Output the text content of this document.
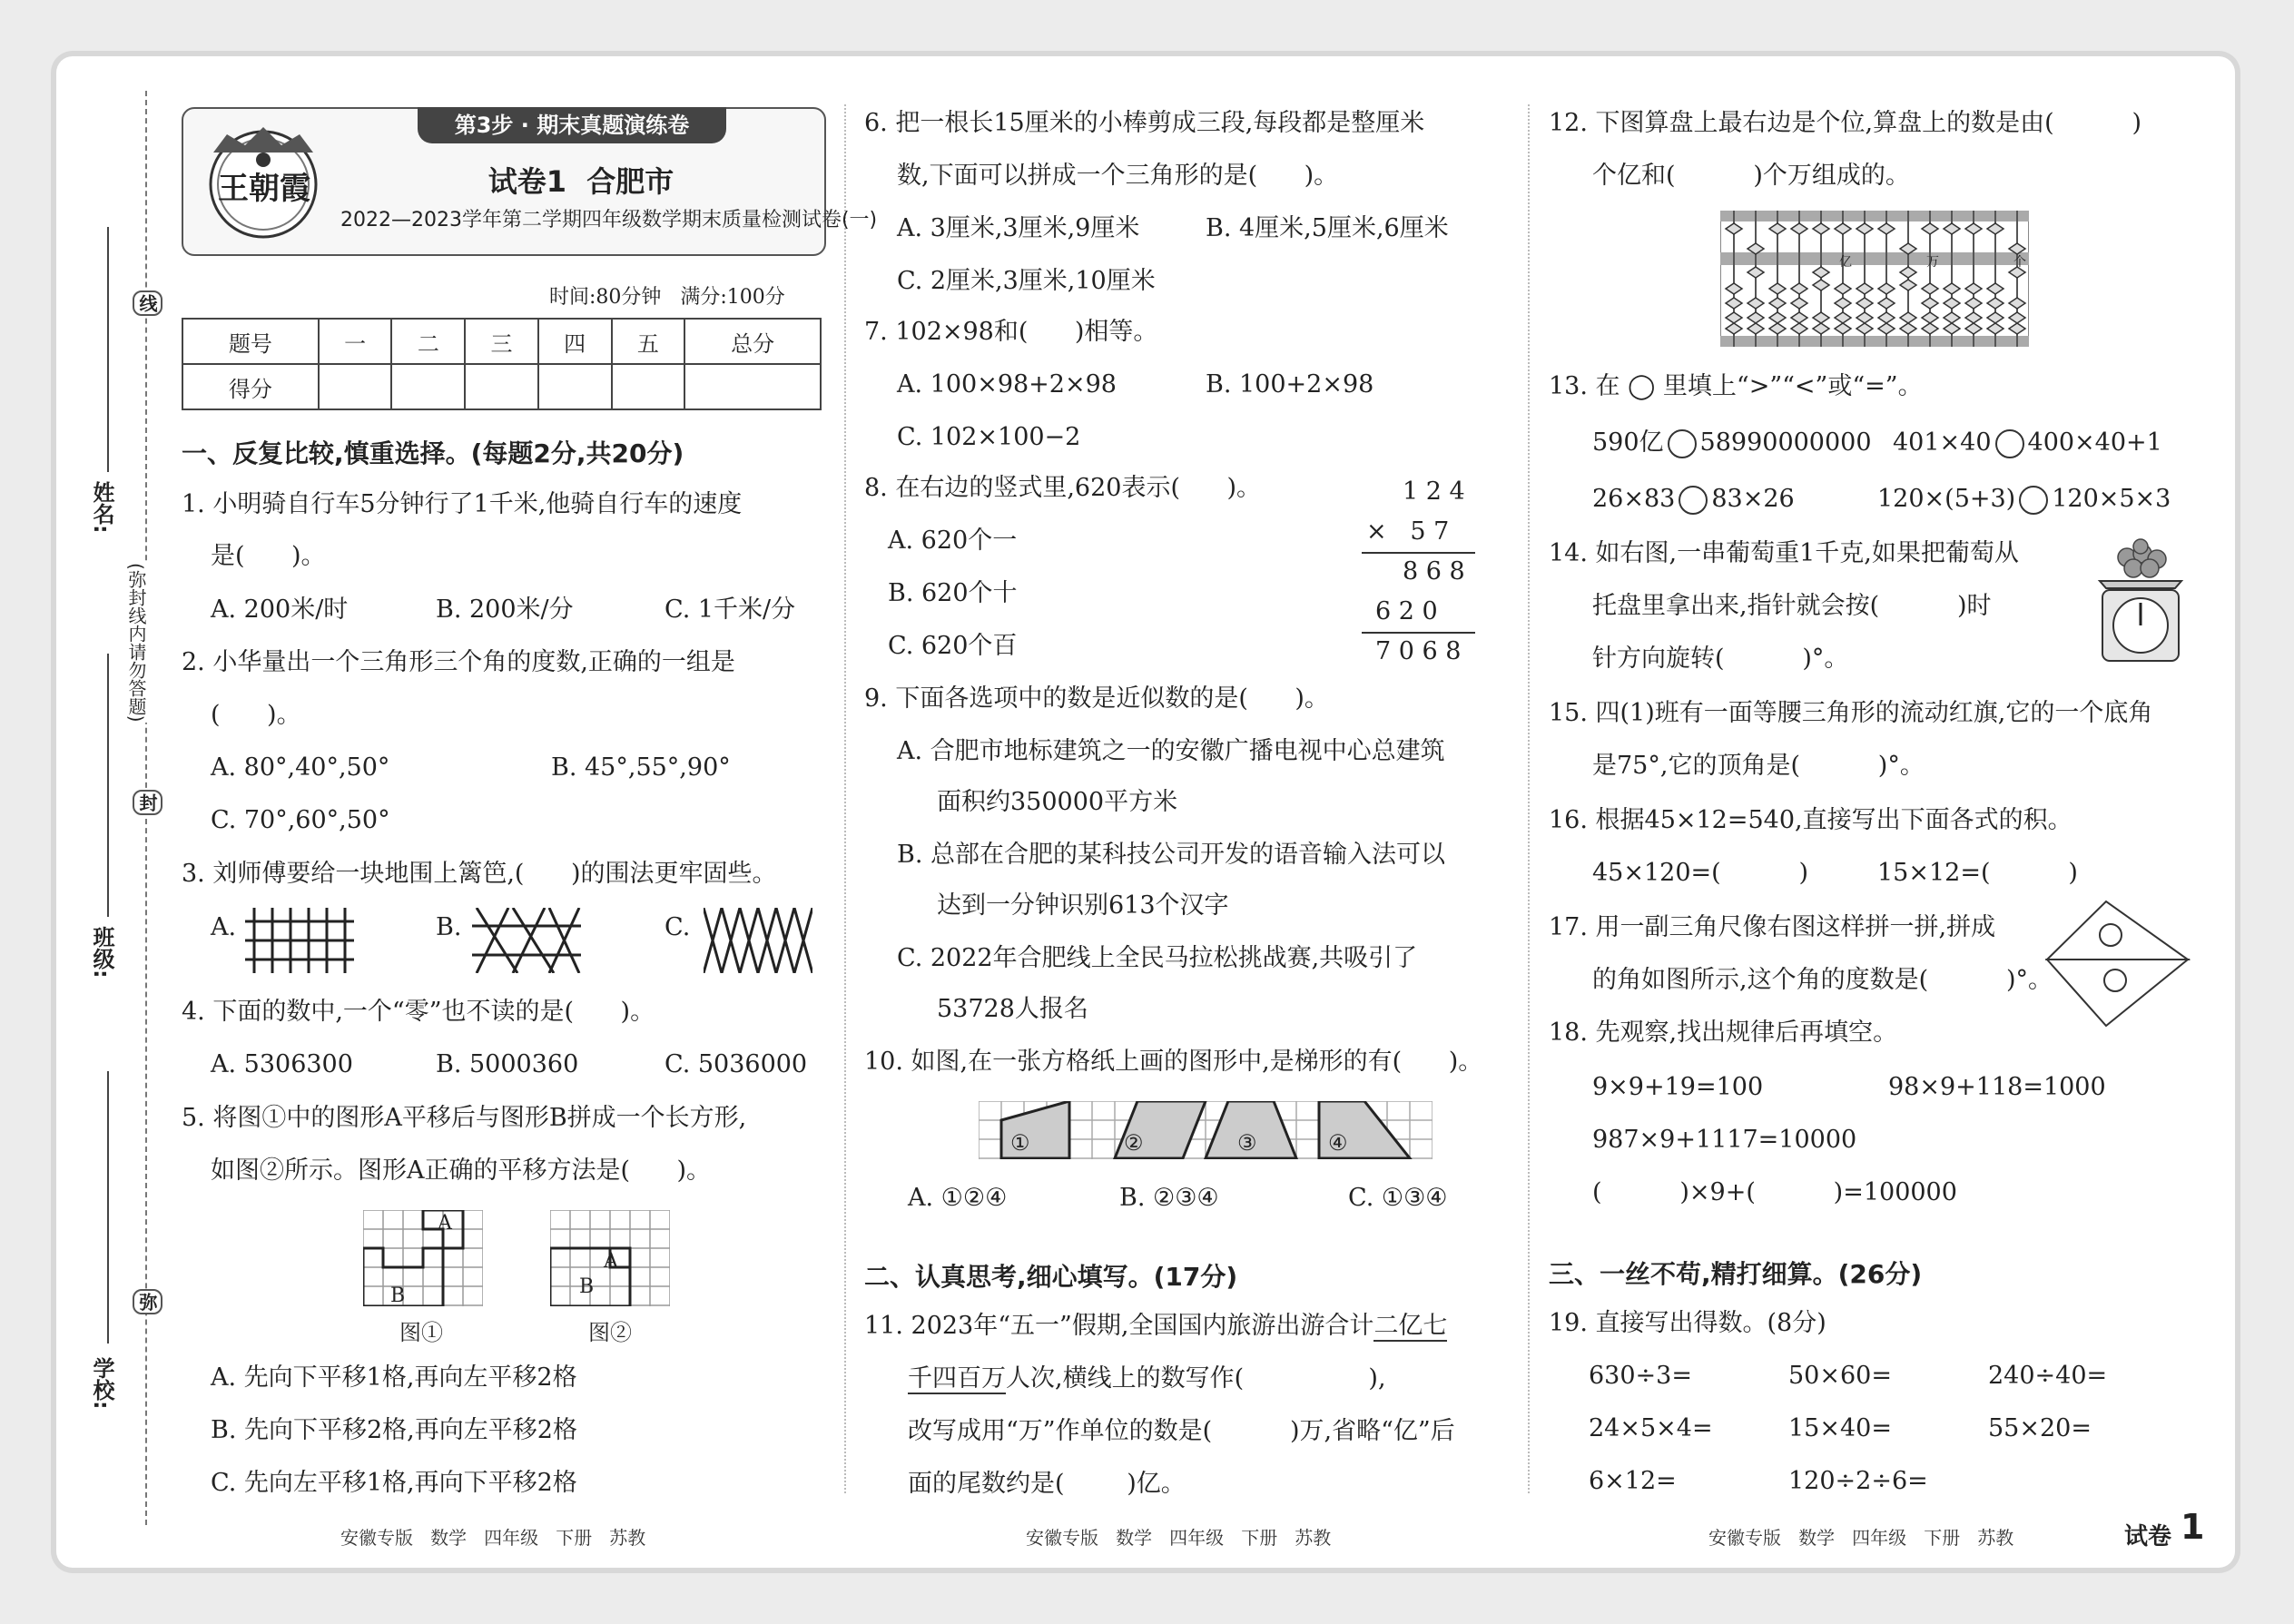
姓名:
班级:
学校:
线
封
弥
(弥封线内请勿答题)
王朝霞
第3步 · 期末真题演练卷
试卷1  合肥市
2022—2023学年第二学期四年级数学期末质量检测试卷(一)
时间:80分钟   满分:100分
题号	一	二	三	四	五	总分
得分						
一、反复比较,慎重选择。(每题2分,共20分)
1. 小明骑自行车5分钟行了1千米,他骑自行车的速度
是(      )。
A. 200米/时	B. 200米/分	C. 1千米/分
2. 小华量出一个三角形三个角的度数,正确的一组是
(      )。
A. 80°,40°,50°	B. 45°,55°,90°
C. 70°,60°,50°
3. 刘师傅要给一块地围上篱笆,(      )的围法更牢固些。
A.	B.	C.
4. 下面的数中,一个“零”也不读的是(      )。
A. 5306300	B. 5000360	C. 5036000
5. 将图①中的图形A平移后与图形B拼成一个长方形,
如图②所示。图形A正确的平移方法是(      )。
A
B
A
B
图①	图②
A. 先向下平移1格,再向左平移2格
B. 先向下平移2格,再向左平移2格
C. 先向左平移1格,再向下平移2格
6. 把一根长15厘米的小棒剪成三段,每段都是整厘米
数,下面可以拼成一个三角形的是(      )。
A. 3厘米,3厘米,9厘米	B. 4厘米,5厘米,6厘米
C. 2厘米,3厘米,10厘米
7. 102×98和(      )相等。
A. 100×98+2×98	B. 100+2×98
C. 102×100−2
8. 在右边的竖式里,620表示(      )。
A. 620个一
B. 620个十
C. 620个百
1 2 4
×   5 7
8 6 8
6 2 0
7 0 6 8
9. 下面各选项中的数是近似数的是(      )。
A. 合肥市地标建筑之一的安徽广播电视中心总建筑
面积约350000平方米
B. 总部在合肥的某科技公司开发的语音输入法可以
达到一分钟识别613个汉字
C. 2022年合肥线上全民马拉松挑战赛,共吸引了
53728人报名
10. 如图,在一张方格纸上画的图形中,是梯形的有(      )。
①	②	③	④
A. ①②④	B. ②③④	C. ①③④
二、认真思考,细心填写。(17分)
11. 2023年“五一”假期,全国国内旅游出游合计二亿七
千四百万人次,横线上的数写作(                ),
改写成用“万”作单位的数是(          )万,省略“亿”后
面的尾数约是(        )亿。
12. 下图算盘上最右边是个位,算盘上的数是由(          )
个亿和(          )个万组成的。
亿	万	个
13. 在 ◯ 里填上“>”“<”或“=”。
590亿 58990000000 401×40 400×40+1
26×83 83×26	120×(5+3) 120×5×3
14. 如右图,一串葡萄重1千克,如果把葡萄从
托盘里拿出来,指针就会按(          )时
针方向旋转(          )°。
15. 四(1)班有一面等腰三角形的流动红旗,它的一个底角
是75°,它的顶角是(          )°。
16. 根据45×12=540,直接写出下面各式的积。
45×120=(          )	15×12=(          )
17. 用一副三角尺像右图这样拼一拼,拼成
的角如图所示,这个角的度数是(          )°。
18. 先观察,找出规律后再填空。
9×9+19=100	98×9+118=1000
987×9+1117=10000
(          )×9+(          )=100000
三、一丝不苟,精打细算。(26分)
19. 直接写出得数。(8分)
630÷3=	50×60=	240÷40=
24×5×4=	15×40=	55×20=
6×12=	120÷2÷6=
安徽专版   数学   四年级   下册   苏教	安徽专版   数学   四年级   下册   苏教	安徽专版   数学   四年级   下册   苏教	试卷 1
